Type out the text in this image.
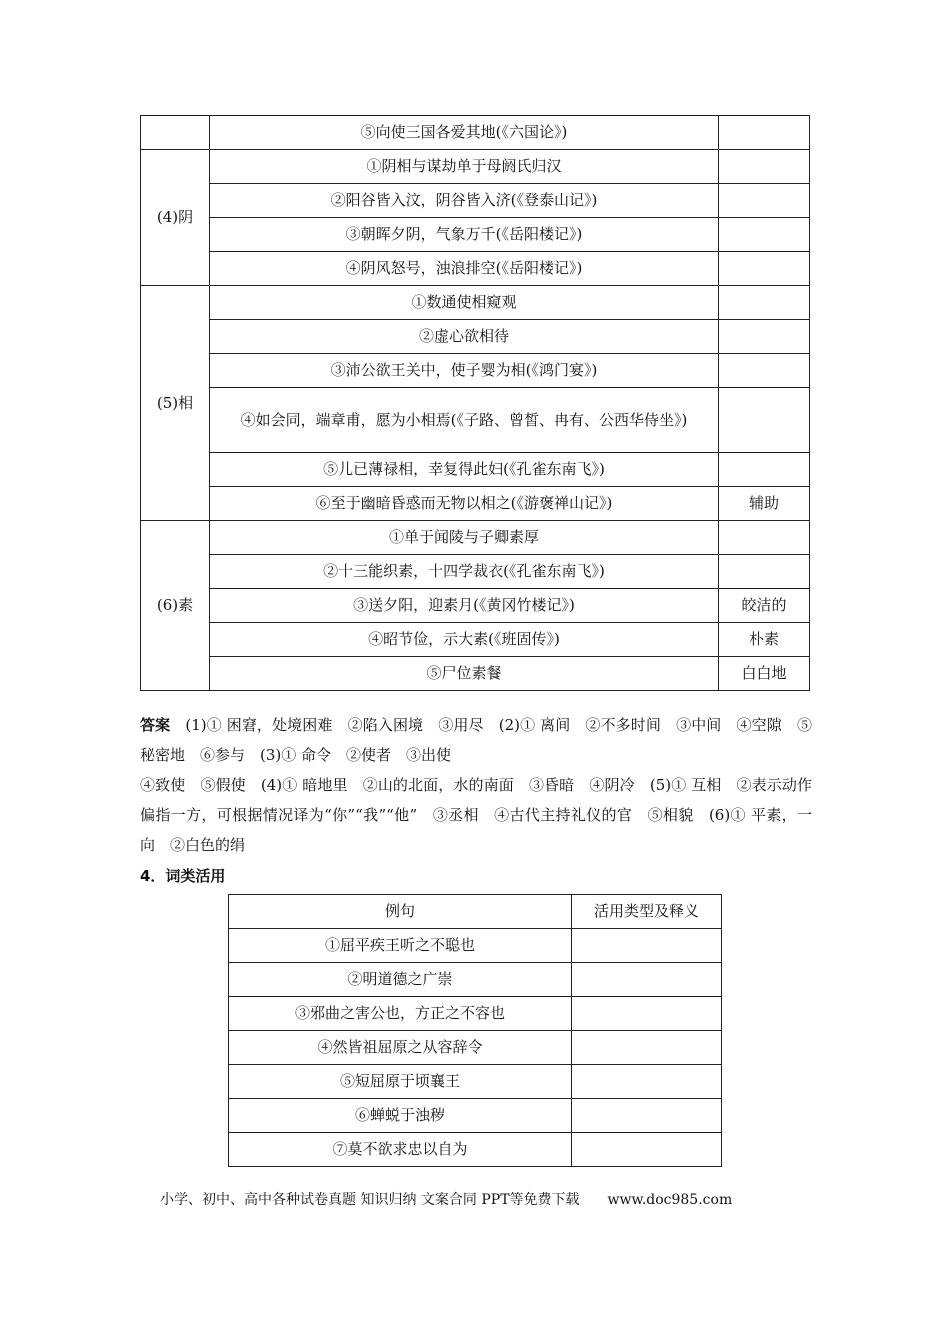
	⑤向使三国各爱其地(《六国论》)	
(4)阴	①阴相与谋劫单于母阏氏归汉	
	②阳谷皆入汶，阴谷皆入济(《登泰山记》)	
	③朝晖夕阴，气象万千(《岳阳楼记》)	
	④阴风怒号，浊浪排空(《岳阳楼记》)	
(5)相	①数通使相窥观	
	②虚心欲相待	
	③沛公欲王关中，使子婴为相(《鸿门宴》)	
	④如会同，端章甫，愿为小相焉(《子路、曾皙、冉有、公西华侍坐》)	
	⑤儿已薄禄相，幸复得此妇(《孔雀东南飞》)	
	⑥至于幽暗昏惑而无物以相之(《游褒禅山记》)	辅助
(6)素	①单于闻陵与子卿素厚	
	②十三能织素，十四学裁衣(《孔雀东南飞》)	
	③送夕阳，迎素月(《黄冈竹楼记》)	皎洁的
	④昭节俭，示大素(《班固传》)	朴素
	⑤尸位素餐	白白地

答案　 (1)① 困窘，处境困难　②陷入困境　③用尽　(2)① 离间　②不多时间　③中间　④空隙　⑤秘密地　⑥参与　(3)① 命令　②使者　③出使

④致使　⑤假使　(4)① 暗地里　②山的北面，水的南面　③昏暗　④阴冷　(5)① 互相　②表示动作偏指一方，可根据情况译为“你”“我”“他”　③丞相　④古代主持礼仪的官　⑤相貌　(6)① 平素，一向　②白色的绢

4．词类活用
例句	活用类型及释义
①屈平疾王听之不聪也	
②明道德之广崇	
③邪曲之害公也，方正之不容也	
④然皆祖屈原之从容辞令	
⑤短屈原于顷襄王	
⑥蝉蜕于浊秽	
⑦莫不欲求忠以自为	
小学、初中、高中各种试卷真题 知识归纳 文案合同 PPT等免费下载　　www.doc985.com
